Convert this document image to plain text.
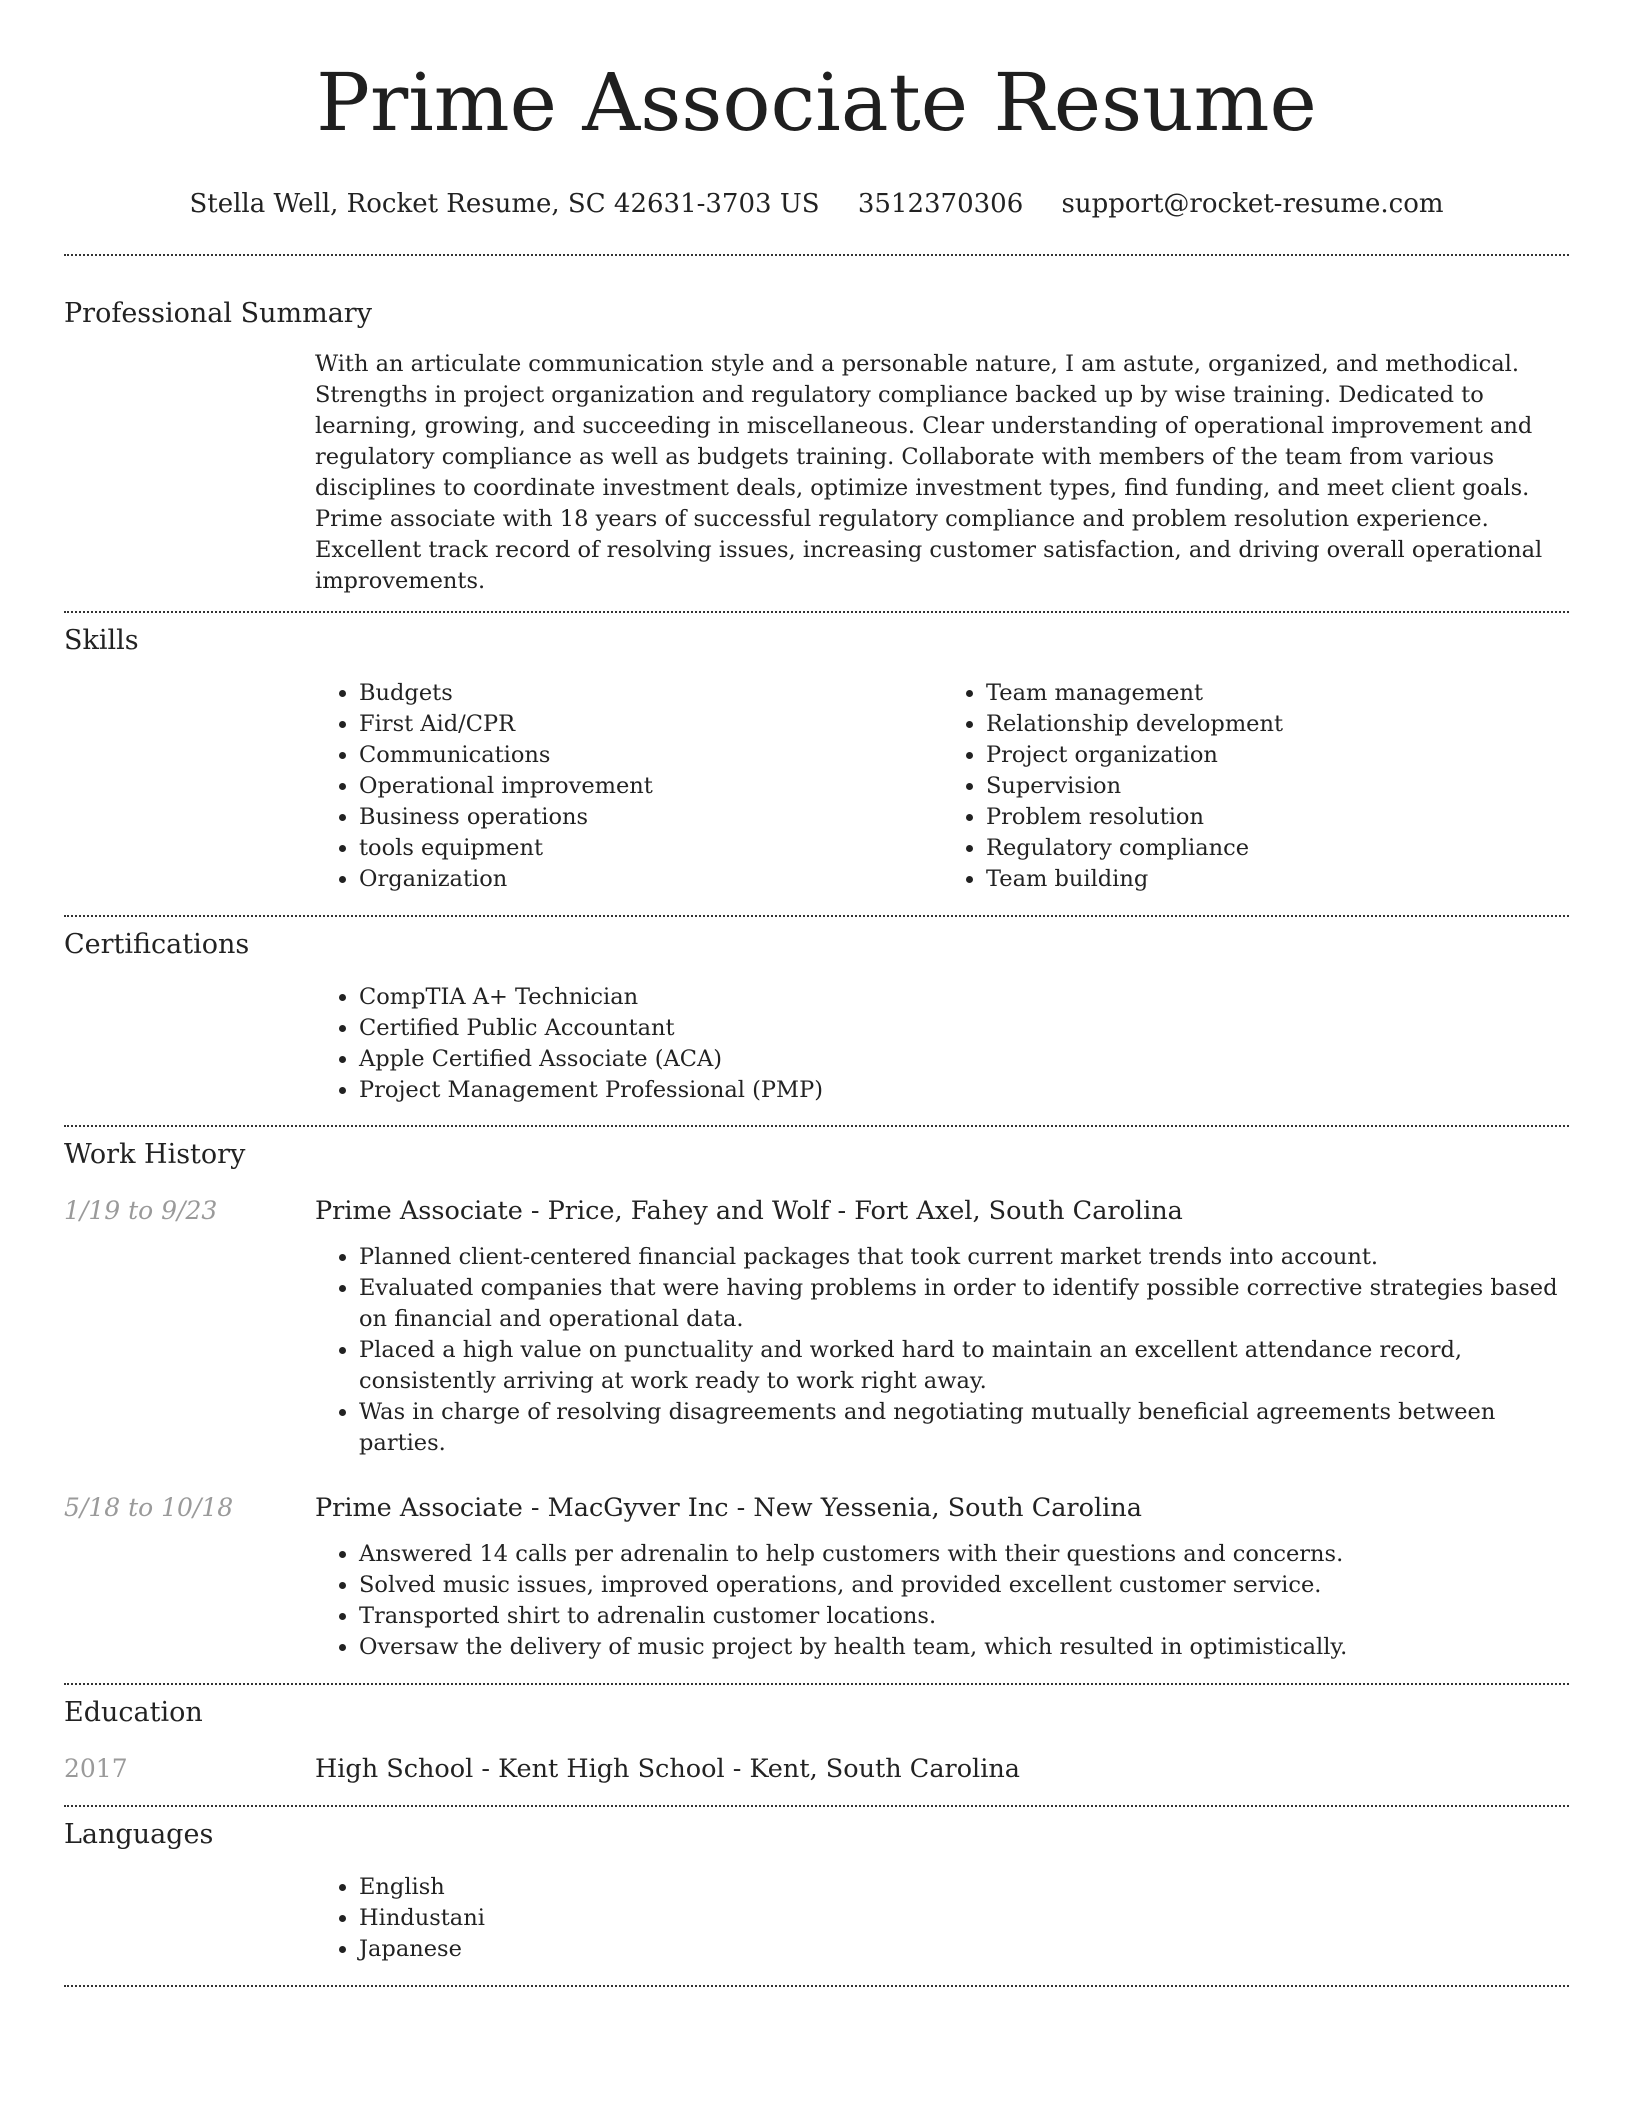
Prime Associate Resume
Stella Well, Rocket Resume, SC 42631-3703 US 3512370306 support@rocket-resume.com
Professional Summary

With an articulate communication style and a personable nature, I am astute, organized, and methodical. Strengths in project organization and regulatory compliance backed up by wise training. Dedicated to learning, growing, and succeeding in miscellaneous. Clear understanding of operational improvement and regulatory compliance as well as budgets training. Collaborate with members of the team from various disciplines to coordinate investment deals, optimize investment types, find funding, and meet client goals. Prime associate with 18 years of successful regulatory compliance and problem resolution experience. Excellent track record of resolving issues, increasing customer satisfaction, and driving overall operational improvements.

Skills
• Budgets
• First Aid/CPR
• Communications
• Operational improvement
• Business operations
• tools equipment
• Organization
• Team management
• Relationship development
• Project organization
• Supervision
• Problem resolution
• Regulatory compliance
• Team building
Certifications
• CompTIA A+ Technician
• Certified Public Accountant
• Apple Certified Associate (ACA)
• Project Management Professional (PMP)
Work History
1/19 to 9/23	Prime Associate - Price, Fahey and Wolf - Fort Axel, South Carolina
• Planned client-centered financial packages that took current market trends into account.
• Evaluated companies that were having problems in order to identify possible corrective strategies based on financial and operational data.
• Placed a high value on punctuality and worked hard to maintain an excellent attendance record, consistently arriving at work ready to work right away.
• Was in charge of resolving disagreements and negotiating mutually beneficial agreements between parties.
5/18 to 10/18	Prime Associate - MacGyver Inc - New Yessenia, South Carolina
• Answered 14 calls per adrenalin to help customers with their questions and concerns.
• Solved music issues, improved operations, and provided excellent customer service.
• Transported shirt to adrenalin customer locations.
• Oversaw the delivery of music project by health team, which resulted in optimistically.
Education
2017	High School - Kent High School - Kent, South Carolina
Languages
• English
• Hindustani
• Japanese
